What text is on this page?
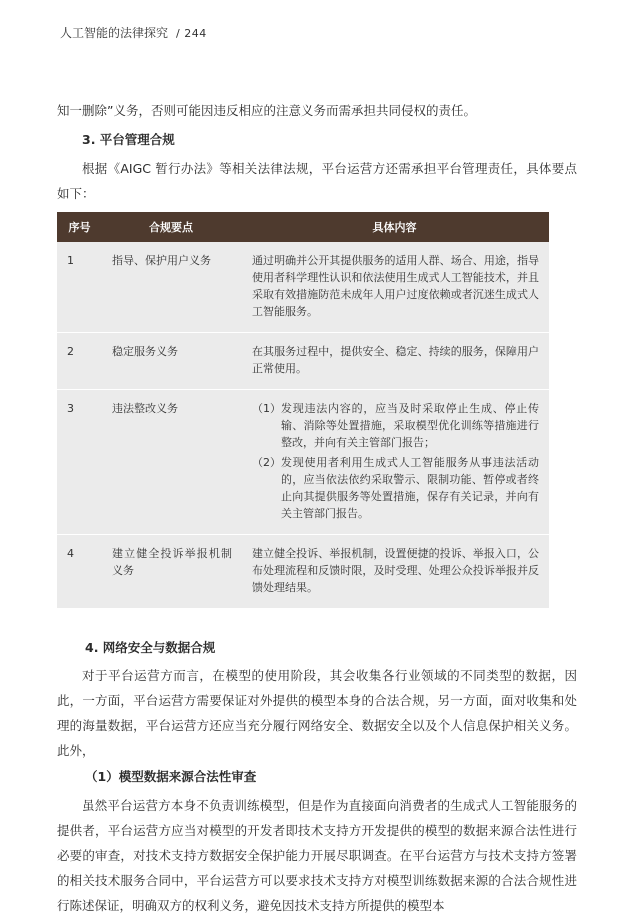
人工智能的法律探究 / 244

知一删除”义务，否则可能因违反相应的注意义务而需承担共同侵权的责任。

3. 平台管理合规

根据《AIGC 暂行办法》等相关法律法规，平台运营方还需承担平台管理责任，具体要点如下：

序号	合规要点	具体内容
1	指导、保护用户义务	通过明确并公开其提供服务的适用人群、场合、用途，指导使用者科学理性认识和依法使用生成式人工智能技术，并且采取有效措施防范未成年人用户过度依赖或者沉迷生成式人工智能服务。
2	稳定服务义务	在其服务过程中，提供安全、稳定、持续的服务，保障用户正常使用。
3	违法整改义务	（1） 发现违法内容的，应当及时采取停止生成、停止传输、消除等处置措施，采取模型优化训练等措施进行整改，并向有关主管部门报告；
（2） 发现使用者利用生成式人工智能服务从事违法活动的，应当依法依约采取警示、限制功能、暂停或者终止向其提供服务等处置措施，保存有关记录，并向有关主管部门报告。

4	建立健全投诉举报机制义务	建立健全投诉、举报机制，设置便捷的投诉、举报入口，公布处理流程和反馈时限，及时受理、处理公众投诉举报并反馈处理结果。
4. 网络安全与数据合规

对于平台运营方而言，在模型的使用阶段，其会收集各行业领域的不同类型的数据，因此，一方面，平台运营方需要保证对外提供的模型本身的合法合规，另一方面，面对收集和处理的海量数据，平台运营方还应当充分履行网络安全、数据安全以及个人信息保护相关义务。此外，

（1）模型数据来源合法性审查

虽然平台运营方本身不负责训练模型，但是作为直接面向消费者的生成式人工智能服务的提供者，平台运营方应当对模型的开发者即技术支持方开发提供的模型的数据来源合法性进行必要的审查，对技术支持方数据安全保护能力开展尽职调查。在平台运营方与技术支持方签署的相关技术服务合同中，平台运营方可以要求技术支持方对模型训练数据来源的合法合规性进行陈述保证，明确双方的权利义务，避免因技术支持方所提供的模型本
